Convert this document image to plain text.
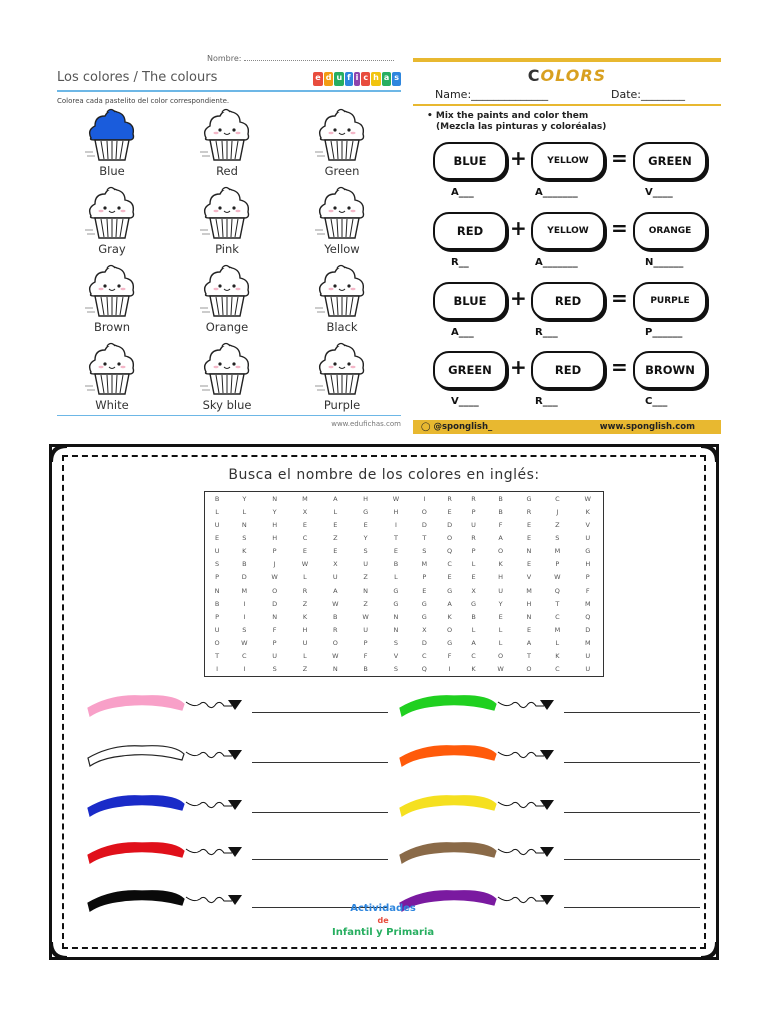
Nombre:
Los colores / The colours	e d u f i c h a s
Colorea cada pastelito del color correspondiente.
Blue	Red	Green
Gray	Pink	Yellow
Brown	Orange	Black
White	Sky blue	Purple
www.edufichas.com
COLORS
Name:______________	Date:________
• Mix the paints and color them
(Mezcla las pinturas y coloréalas)
BLUE	YELLOW	GREEN
+	=
A___	A_______	V____
RED	YELLOW	ORANGE
+	=
R__	A_______	N______
BLUE	RED	PURPLE
+	=
A___	R___	P______
GREEN	RED	BROWN
+	=
V____	R___	C___
◯ @sponglish_	www.sponglish.com
Busca el nombre de los colores en inglés:
B	Y	N	M	A	H	W	I	R	R	B	G	C	W
L	L	Y	X	L	G	H	O	E	P	B	R	J	K
U	N	H	E	E	E	I	D	D	U	F	E	Z	V
E	S	H	C	Z	Y	T	T	O	R	A	E	S	U
U	K	P	E	E	S	E	S	Q	P	O	N	M	G
S	B	J	W	X	U	B	M	C	L	K	E	P	H
P	D	W	L	U	Z	L	P	E	E	H	V	W	P
N	M	O	R	A	N	G	E	G	X	U	M	Q	F
B	I	D	Z	W	Z	G	G	A	G	Y	H	T	M
P	I	N	K	B	W	N	G	K	B	E	N	C	Q
U	S	F	H	R	U	N	X	O	L	L	E	M	D
O	W	P	U	O	P	S	D	G	A	L	A	L	M
T	C	U	L	W	F	V	C	F	C	O	T	K	U
I	I	S	Z	N	B	S	Q	I	K	W	O	C	U
Actividades
de
Infantil y Primaria
